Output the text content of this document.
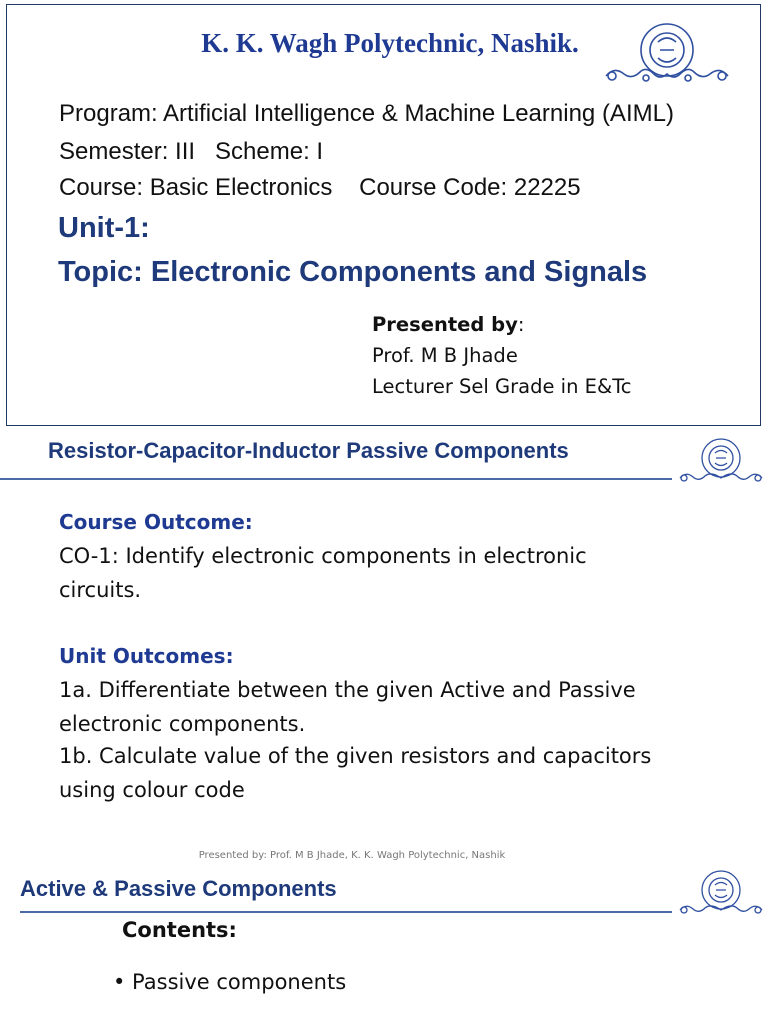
K. K. Wagh Polytechnic, Nashik.
Program: Artificial Intelligence & Machine Learning (AIML)
Semester: III   Scheme: I
Course: Basic Electronics    Course Code: 22225
Unit-1:
Topic: Electronic Components and Signals
Presented by:
Prof. M B Jhade
Lecturer Sel Grade in E&Tc
Resistor-Capacitor-Inductor Passive Components
Course Outcome:
CO-1: Identify electronic components in electronic circuits.
Unit Outcomes:
1a. Differentiate between the given Active and Passive electronic components.
1b. Calculate value of the given resistors and capacitors using colour code
Presented by: Prof. M B Jhade, K. K. Wagh Polytechnic, Nashik
Active & Passive Components
Contents:
• Passive components
